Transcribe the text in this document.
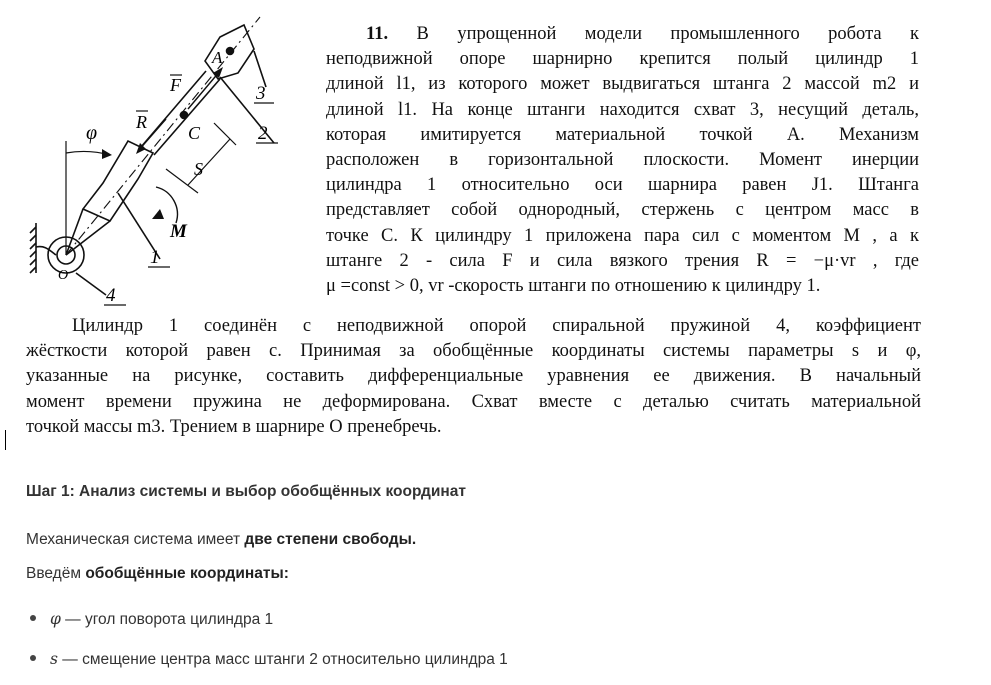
A
F
R
C
S
M
φ
O
1
2
3
4
11. В упрощенной модели промышленного робота к
неподвижной опоре шарнирно крепится полый цилиндр 1
длиной l1, из которого может выдвигаться штанга 2 массой m2 и
длиной l1. На конце штанги находится схват 3, несущий деталь,
которая имитируется материальной точкой А. Механизм
расположен в горизонтальной плоскости. Момент инерции
цилиндра 1 относительно оси шарнира равен J1. Штанга
представляет собой однородный, стержень с центром масс в
точке С. К цилиндру 1 приложена пара сил с моментом M , а к
штанге 2 - сила F и сила вязкого трения R = −μ·vr , где
μ =const > 0, vr -скорость штанги по отношению к цилиндру 1.
Цилиндр 1 соединён с неподвижной опорой спиральной пружиной 4, коэффициент
жёсткости которой равен c. Принимая за обобщённые координаты системы параметры s и φ,
указанные на рисунке, составить дифференциальные уравнения ее движения. В начальный
момент времени пружина не деформирована. Схват вместе с деталью считать материальной
точкой массы m3. Трением в шарнире O пренебречь.
Шаг 1: Анализ системы и выбор обобщённых координат
Механическая система имеет две степени свободы.
Введём обобщённые координаты:
φ — угол поворота цилиндра 1
s — смещение центра масс штанги 2 относительно цилиндра 1
